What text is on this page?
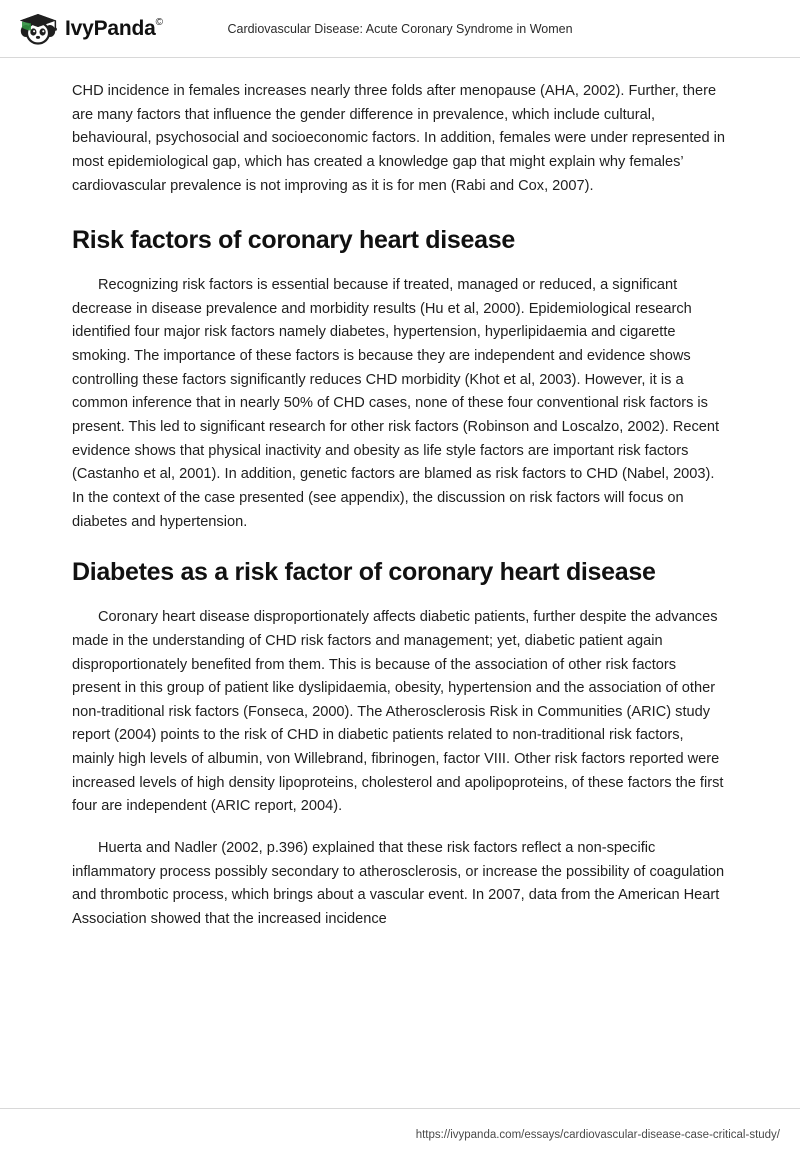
IvyPanda©	Cardiovascular Disease: Acute Coronary Syndrome in Women

CHD incidence in females increases nearly three folds after menopause (AHA, 2002). Further, there are many factors that influence the gender difference in prevalence, which include cultural, behavioural, psychosocial and socioeconomic factors. In addition, females were under represented in most epidemiological gap, which has created a knowledge gap that might explain why females’ cardiovascular prevalence is not improving as it is for men (Rabi and Cox, 2007).

Risk factors of coronary heart disease

Recognizing risk factors is essential because if treated, managed or reduced, a significant decrease in disease prevalence and morbidity results (Hu et al, 2000). Epidemiological research identified four major risk factors namely diabetes, hypertension, hyperlipidaemia and cigarette smoking. The importance of these factors is because they are independent and evidence shows controlling these factors significantly reduces CHD morbidity (Khot et al, 2003). However, it is a common inference that in nearly 50% of CHD cases, none of these four conventional risk factors is present. This led to significant research for other risk factors (Robinson and Loscalzo, 2002). Recent evidence shows that physical inactivity and obesity as life style factors are important risk factors (Castanho et al, 2001). In addition, genetic factors are blamed as risk factors to CHD (Nabel, 2003). In the context of the case presented (see appendix), the discussion on risk factors will focus on diabetes and hypertension.

Diabetes as a risk factor of coronary heart disease

Coronary heart disease disproportionately affects diabetic patients, further despite the advances made in the understanding of CHD risk factors and management; yet, diabetic patient again disproportionately benefited from them. This is because of the association of other risk factors present in this group of patient like dyslipidaemia, obesity, hypertension and the association of other non-traditional risk factors (Fonseca, 2000). The Atherosclerosis Risk in Communities (ARIC) study report (2004) points to the risk of CHD in diabetic patients related to non-traditional risk factors, mainly high levels of albumin, von Willebrand, fibrinogen, factor VIII. Other risk factors reported were increased levels of high density lipoproteins, cholesterol and apolipoproteins, of these factors the first four are independent (ARIC report, 2004).

Huerta and Nadler (2002, p.396) explained that these risk factors reflect a non-specific inflammatory process possibly secondary to atherosclerosis, or increase the possibility of coagulation and thrombotic process, which brings about a vascular event. In 2007, data from the American Heart Association showed that the increased incidence

https://ivypanda.com/essays/cardiovascular-disease-case-critical-study/
